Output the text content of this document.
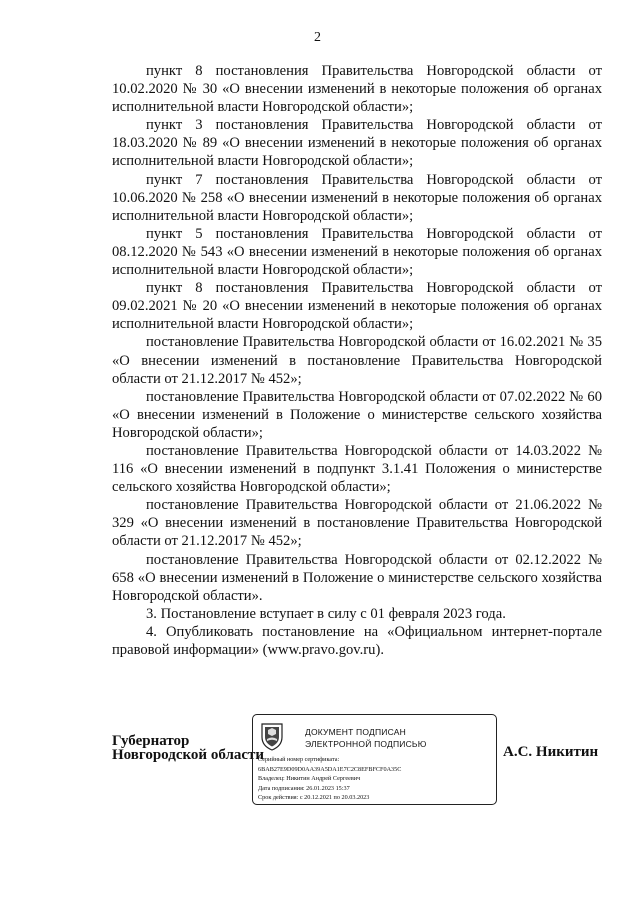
2

пункт 8 постановления Правительства Новгородской области от 10.02.2020 № 30 «О внесении изменений в некоторые положения об органах исполнительной власти Новгородской области»;

пункт 3 постановления Правительства Новгородской области от 18.03.2020 № 89 «О внесении изменений в некоторые положения об органах исполнительной власти Новгородской области»;

пункт 7 постановления Правительства Новгородской области от 10.06.2020 № 258 «О внесении изменений в некоторые положения об органах исполнительной власти Новгородской области»;

пункт 5 постановления Правительства Новгородской области от 08.12.2020 № 543 «О внесении изменений в некоторые положения об органах исполнительной власти Новгородской области»;

пункт 8 постановления Правительства Новгородской области от 09.02.2021 № 20 «О внесении изменений в некоторые положения об органах исполнительной власти Новгородской области»;

постановление Правительства Новгородской области от 16.02.2021 № 35 «О внесении изменений в постановление Правительства Новгородской области от 21.12.2017 № 452»;

постановление Правительства Новгородской области от 07.02.2022 № 60 «О внесении изменений в Положение о министерстве сельского хозяйства Новгородской области»;

постановление Правительства Новгородской области от 14.03.2022 № 116 «О внесении изменений в подпункт 3.1.41 Положения о министерстве сельского хозяйства Новгородской области»;

постановление Правительства Новгородской области от 21.06.2022 № 329 «О внесении изменений в постановление Правительства Новгородской области от 21.12.2017 № 452»;

постановление Правительства Новгородской области от 02.12.2022 № 658 «О внесении изменений в Положение о министерстве сельского хозяйства Новгородской области».

3. Постановление вступает в силу с 01 февраля 2023 года.

4. Опубликовать постановление на «Официальном интернет-портале правовой информации» (www.pravo.gov.ru).

Губернатор
Новгородской области
ДОКУМЕНТ ПОДПИСАН
ЭЛЕКТРОННОЙ ПОДПИСЬЮ
Серийный номер сертификата:
6BAB27E9D09D0AA39A5DA1E7C2C8EFBFCF0A35C
Владелец: Никитин Андрей Сергеевич
Дата подписания: 26.01.2023 15:37
Срок действия: с 20.12.2021 по 20.03.2023
А.С. Никитин
